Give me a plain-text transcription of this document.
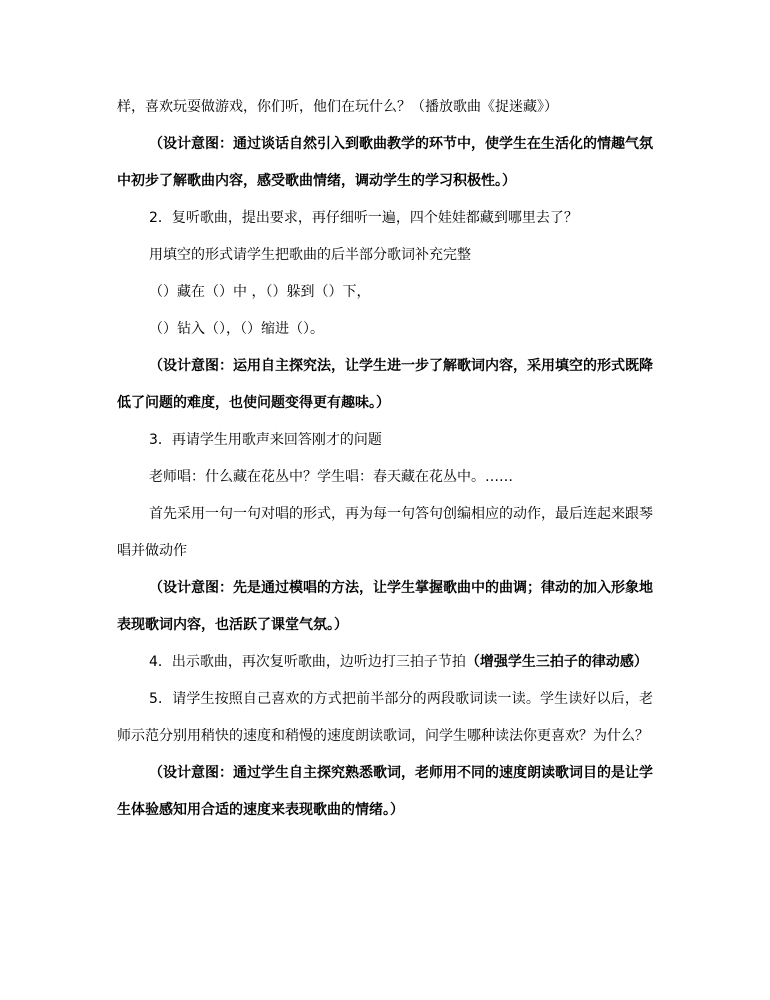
样，喜欢玩耍做游戏，你们听，他们在玩什么？（播放歌曲《捉迷藏》）

（设计意图：通过谈话自然引入到歌曲教学的环节中，使学生在生活化的情趣气氛中初步了解歌曲内容，感受歌曲情绪，调动学生的学习积极性。）

2．复听歌曲，提出要求，再仔细听一遍，四个娃娃都藏到哪里去了？

用填空的形式请学生把歌曲的后半部分歌词补充完整

（）藏在（）中 ，（）躲到（）下，

（）钻入（），（）缩进（）。

（设计意图：运用自主探究法，让学生进一步了解歌词内容，采用填空的形式既降低了问题的难度，也使问题变得更有趣味。）

3．再请学生用歌声来回答刚才的问题

老师唱：什么藏在花丛中？学生唱：春天藏在花丛中。……

首先采用一句一句对唱的形式，再为每一句答句创编相应的动作，最后连起来跟琴唱并做动作

（设计意图：先是通过模唱的方法，让学生掌握歌曲中的曲调；律动的加入形象地表现歌词内容，也活跃了课堂气氛。）

4．出示歌曲，再次复听歌曲，边听边打三拍子节拍（增强学生三拍子的律动感）

5．请学生按照自己喜欢的方式把前半部分的两段歌词读一读。学生读好以后，老师示范分别用稍快的速度和稍慢的速度朗读歌词，问学生哪种读法你更喜欢？为什么？

（设计意图：通过学生自主探究熟悉歌词，老师用不同的速度朗读歌词目的是让学生体验感知用合适的速度来表现歌曲的情绪。）
